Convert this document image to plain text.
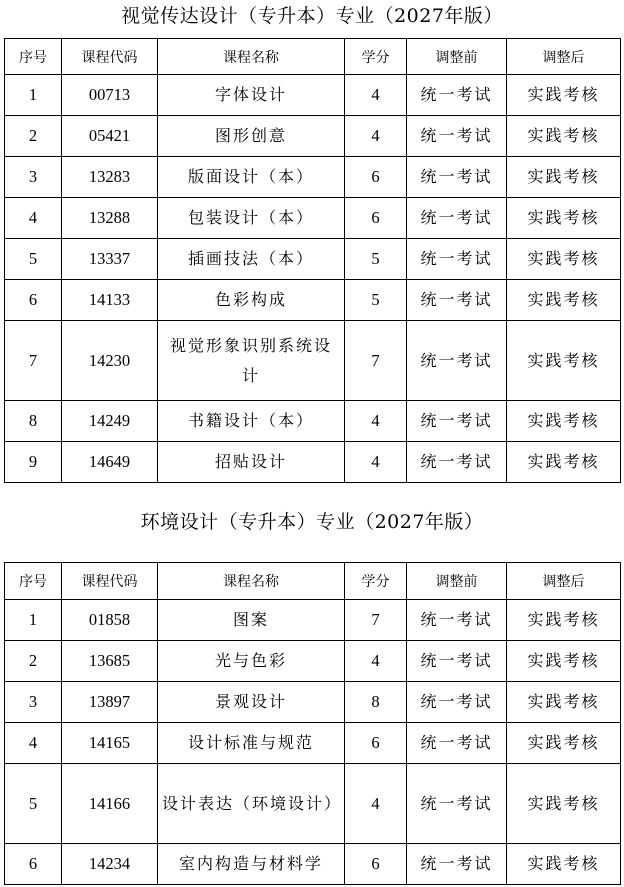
视觉传达设计（专升本）专业（2027年版）
序号	课程代码	课程名称	学分	调整前	调整后
1	00713	字体设计	4	统一考试	实践考核
2	05421	图形创意	4	统一考试	实践考核
3	13283	版面设计（本）	6	统一考试	实践考核
4	13288	包装设计（本）	6	统一考试	实践考核
5	13337	插画技法（本）	5	统一考试	实践考核
6	14133	色彩构成	5	统一考试	实践考核
7	14230	视觉形象识别系统设计	7	统一考试	实践考核
8	14249	书籍设计（本）	4	统一考试	实践考核
9	14649	招贴设计	4	统一考试	实践考核
环境设计（专升本）专业（2027年版）
序号	课程代码	课程名称	学分	调整前	调整后
1	01858	图案	7	统一考试	实践考核
2	13685	光与色彩	4	统一考试	实践考核
3	13897	景观设计	8	统一考试	实践考核
4	14165	设计标准与规范	6	统一考试	实践考核
5	14166	设计表达（环境设计）	4	统一考试	实践考核
6	14234	室内构造与材料学	6	统一考试	实践考核
